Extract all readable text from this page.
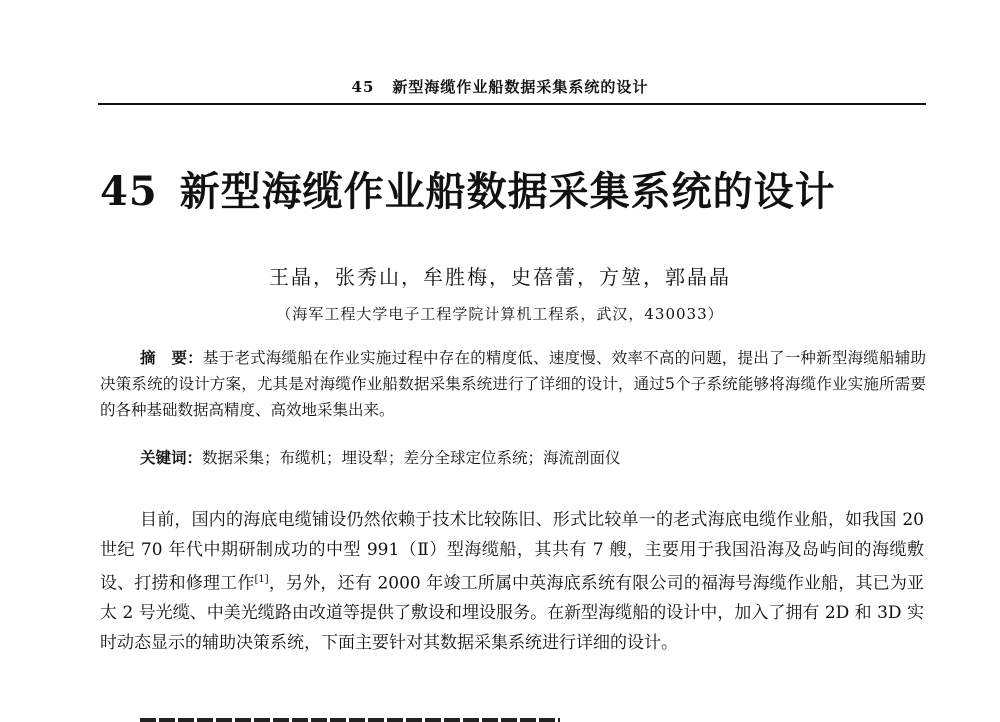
45 新型海缆作业船数据采集系统的设计
45 新型海缆作业船数据采集系统的设计
王晶，张秀山，牟胜梅，史蓓蕾，方堃，郭晶晶
（海军工程大学电子工程学院计算机工程系，武汉，430033）
摘　要：基于老式海缆船在作业实施过程中存在的精度低、速度慢、效率不高的问题，提出了一种新型海缆船辅助决策系统的设计方案，尤其是对海缆作业船数据采集系统进行了详细的设计，通过5个子系统能够将海缆作业实施所需要的各种基础数据高精度、高效地采集出来。
关键词：数据采集；布缆机；埋设犁；差分全球定位系统；海流剖面仪
目前，国内的海底电缆铺设仍然依赖于技术比较陈旧、形式比较单一的老式海底电缆作业船，如我国 20 世纪 70 年代中期研制成功的中型 991（Ⅱ）型海缆船，其共有 7 艘，主要用于我国沿海及岛屿间的海缆敷设、打捞和修理工作[1]，另外，还有 2000 年竣工所属中英海底系统有限公司的福海号海缆作业船，其已为亚太 2 号光缆、中美光缆路由改道等提供了敷设和埋设服务。在新型海缆船的设计中，加入了拥有 2D 和 3D 实时动态显示的辅助决策系统，下面主要针对其数据采集系统进行详细的设计。
